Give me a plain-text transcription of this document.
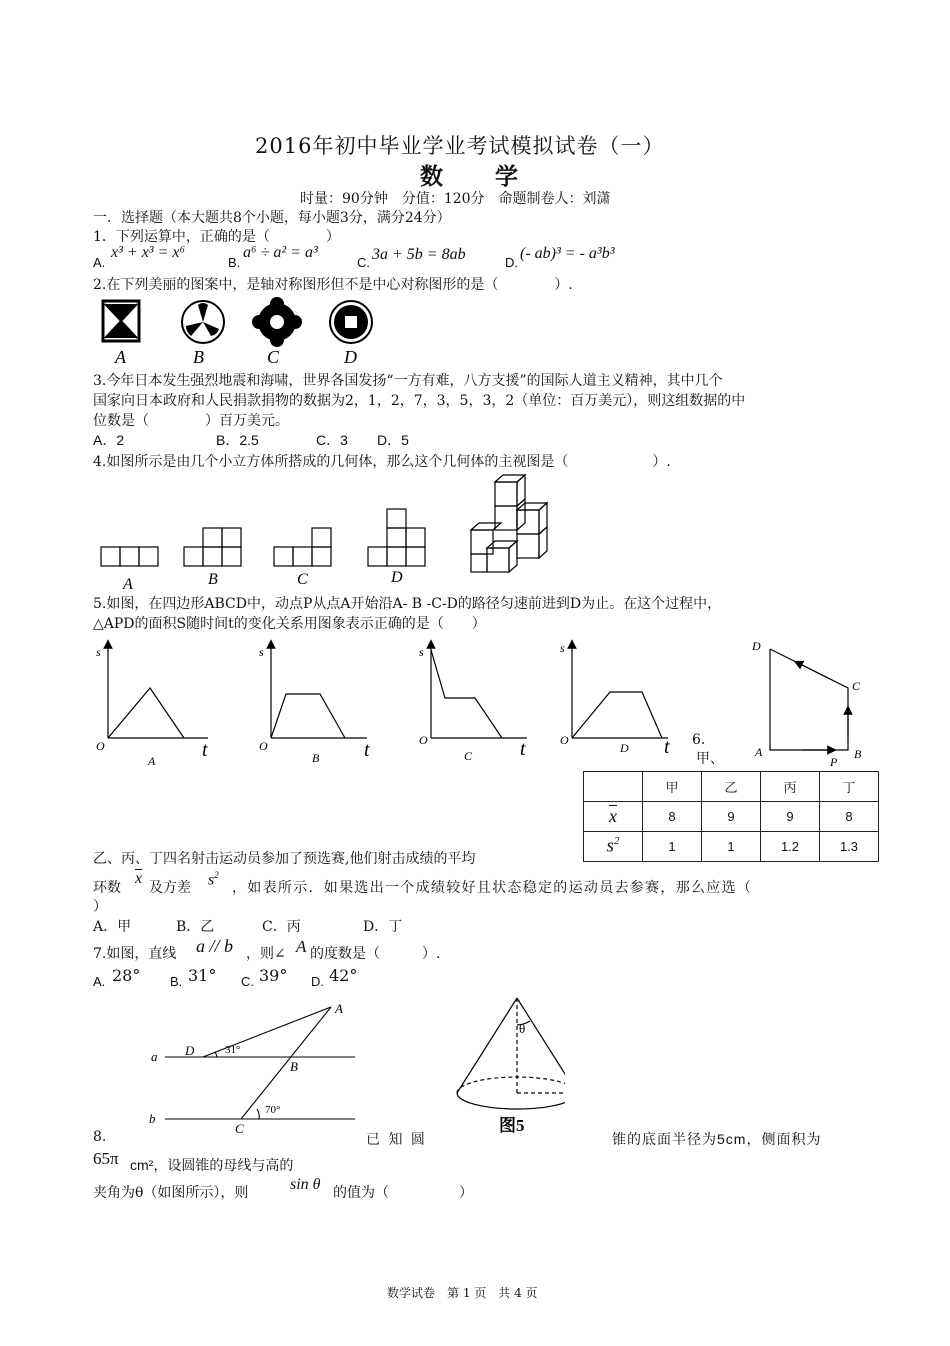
2016年初中毕业学业考试模拟试卷（一）
数　　学
时量：90分钟　分值：120分　命题制卷人：刘潇
一．选择题（本大题共8个小题，每小题3分，满分24分）
1．下列运算中，正确的是（　　　　）
A.
x³ + x³ = x⁶
B.
a⁶ ÷ a² = a³
C. 3a + 5b = 8ab	D.
(- ab)³ = - a³b³
2.在下列美丽的图案中，是轴对称图形但不是中心对称图形的是（　　　　）.
A	B	C	D
3.今年日本发生强烈地震和海啸，世界各国发扬“一方有难，八方支援”的国际人道主义精神，其中几个
国家向日本政府和人民捐款捐物的数据为2，1，2，7，3，5，3，2（单位：百万美元），则这组数据的中
位数是（　　　　）百万美元。
A．2	B．2.5	C．3 D．5
4.如图所示是由几个小立方体所搭成的几何体，那么这个几何体的主视图是（　　　　　　）.
A	B	C	D
5.如图，在四边形ABCD中，动点P从点A开始沿A- B -C-D的路径匀速前进到D为止。在这个过程中，
△APD的面积S随时间t的变化关系用图象表示正确的是（　　）
s
O	t
A
s
O	t
B
s
O	t
C
s
O	t
D
D
C
A	B
P
6.
甲、
	甲	乙	丙	丁
$\overline{x}$	8	9	9	8
$s^2$	1	1	1.2	1.3
乙、丙、丁四名射击运动员参加了预选赛,他们射击成绩的平均
环数
$\overline{x}$
及方差 $s^2$
，如表所示．如果选出一个成绩较好且状态稳定的运动员去参赛，那么应选（
）
A．甲	B．乙	C．丙	D．丁
7.如图，直线 a // b ，则∠ A 的度数是（　　　）.
A. 28° B. 31° C. 39° D. 42°
a
b
A
B
C
D	31°
70°
θ
图5
8.	已 知 圆	锥的底面半径为5cm，侧面积为
65π cm²，设圆锥的母线与高的
夹角为θ（如图所示），则	sin θ 的值为（　　　　　）
数学试卷　第 1 页　共 4 页
